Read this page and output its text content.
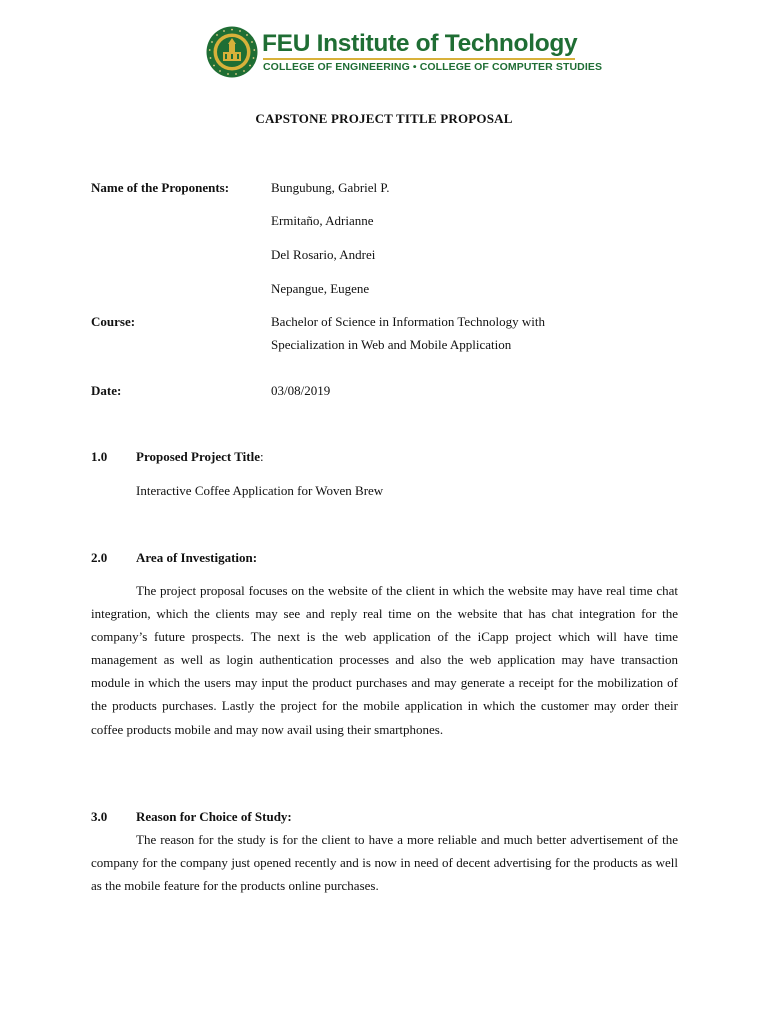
FEU Institute of Technology
COLLEGE OF ENGINEERING • COLLEGE OF COMPUTER STUDIES
CAPSTONE PROJECT TITLE PROPOSAL
Name of the Proponents:	Bungubung, Gabriel P.
Ermitaño, Adrianne
Del Rosario, Andrei
Nepangue, Eugene
Course:	Bachelor of Science in Information Technology with
Specialization in Web and Mobile Application
Date:	03/08/2019
1.0 Proposed Project Title:
Interactive Coffee Application for Woven Brew
2.0 Area of Investigation:

The project proposal focuses on the website of the client in which the website may have real time chat integration, which the clients may see and reply real time on the website that has chat integration for the company’s future prospects. The next is the web application of the iCapp project which will have time management as well as login authentication processes and also the web application may have transaction module in which the users may input the product purchases and may generate a receipt for the mobilization of the products purchases. Lastly the project for the mobile application in which the customer may order their coffee products mobile and may now avail using their smartphones.

3.0 Reason for Choice of Study:

The reason for the study is for the client to have a more reliable and much better advertisement of the company for the company just opened recently and is now in need of decent advertising for the products as well as the mobile feature for the products online purchases.
